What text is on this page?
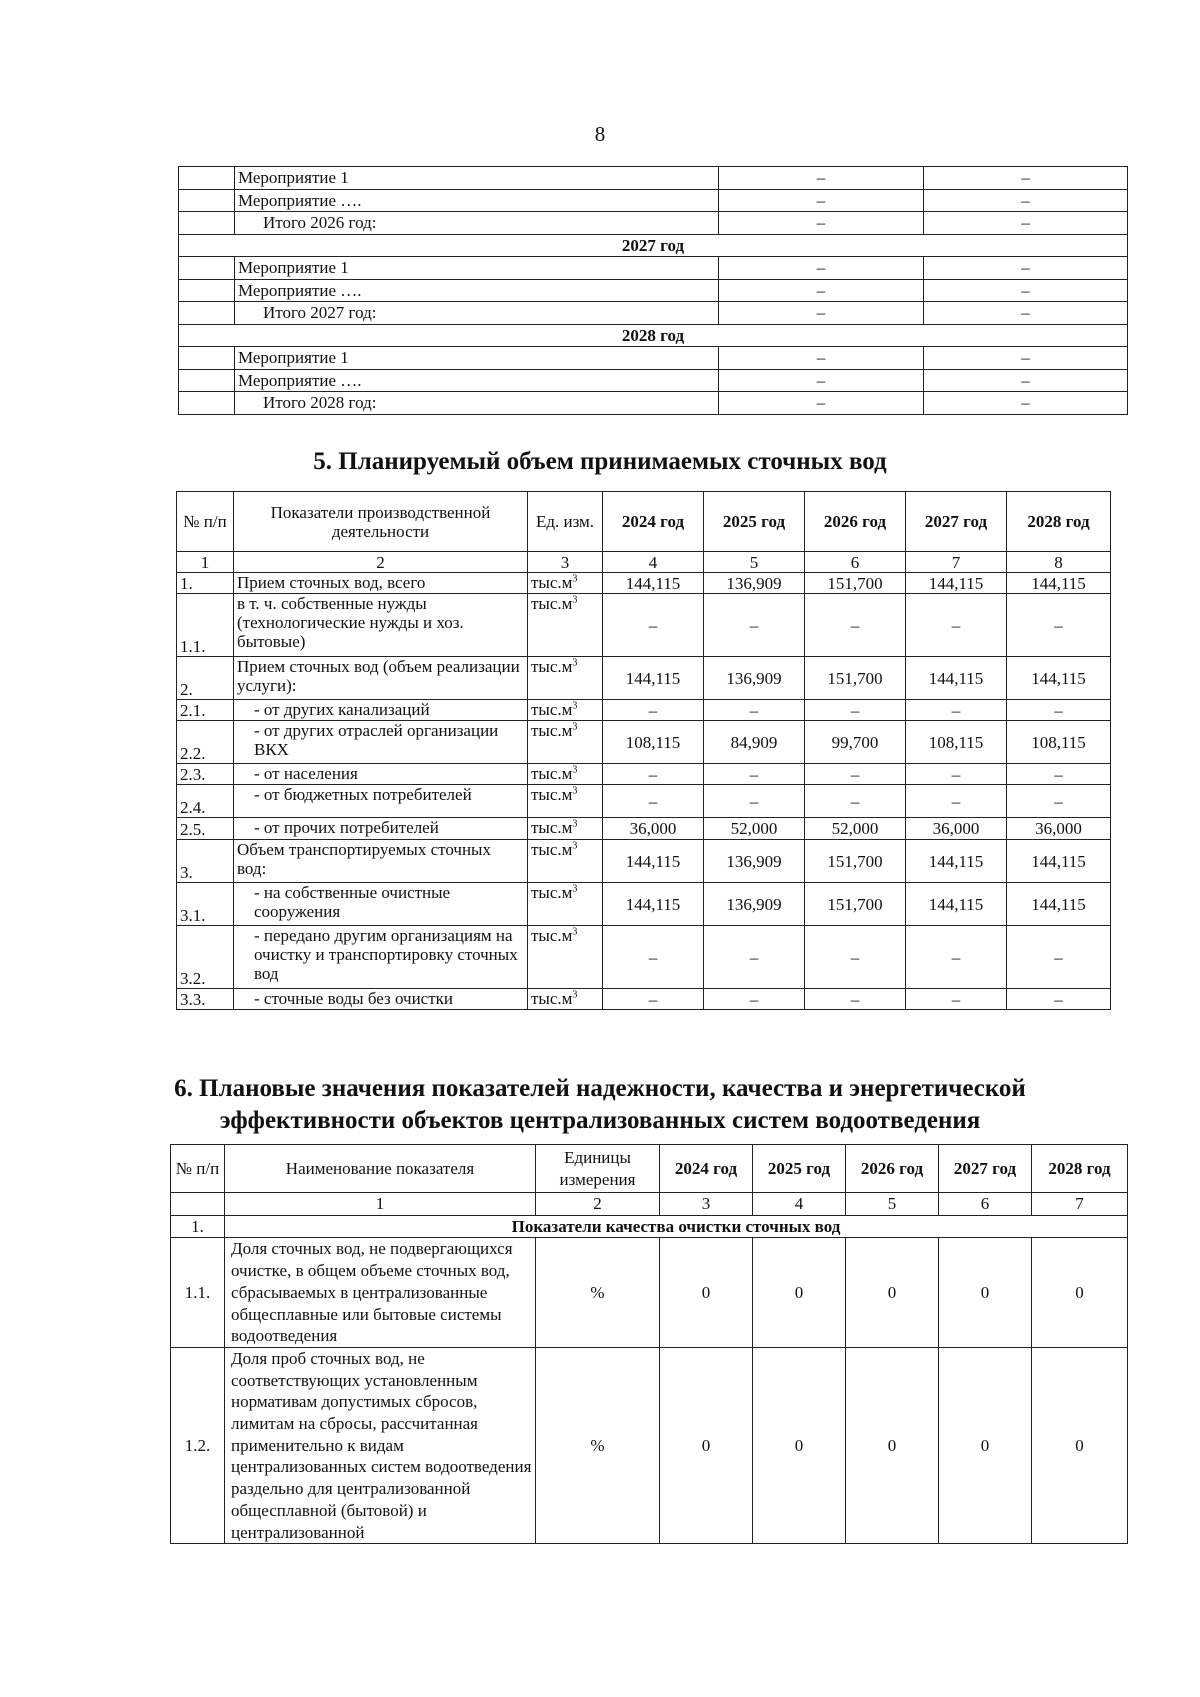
8
	Мероприятие 1	–	–
	Мероприятие ….	–	–
	Итого 2026 год:	–	–
2027 год			
	Мероприятие 1	–	–
	Мероприятие ….	–	–
	Итого 2027 год:	–	–
2028 год			
	Мероприятие 1	–	–
	Мероприятие ….	–	–
	Итого 2028 год:	–	–
5. Планируемый объем принимаемых сточных вод
№ п/п	Показатели производственной деятельности	Ед. изм.	2024 год	2025 год	2026 год	2027 год	2028 год
1	2	3	4	5	6	7	8
1.	Прием сточных вод, всего	$тыс.м^3$	144,115	136,909	151,700	144,115	144,115
1.1.	в т. ч. собственные нужды (технологические нужды и хоз. бытовые)	$тыс.м^3$	–	–	–	–	–
2.	Прием сточных вод (объем реализации услуги):	$тыс.м^3$	144,115	136,909	151,700	144,115	144,115
2.1.	- от других канализаций	$тыс.м^3$	–	–	–	–	–
2.2.	- от других отраслей организации ВКХ	$тыс.м^3$	108,115	84,909	99,700	108,115	108,115
2.3.	- от населения	$тыс.м^3$	–	–	–	–	–
2.4.	- от бюджетных потребителей	$тыс.м^3$	–	–	–	–	–
2.5.	- от прочих потребителей	$тыс.м^3$	36,000	52,000	52,000	36,000	36,000
3.	Объем транспортируемых сточных вод:	$тыс.м^3$	144,115	136,909	151,700	144,115	144,115
3.1.	- на собственные очистные сооружения	$тыс.м^3$	144,115	136,909	151,700	144,115	144,115
3.2.	- передано другим организациям на очистку и транспортировку сточных вод	$тыс.м^3$	–	–	–	–	–
3.3.	- сточные воды без очистки	$тыс.м^3$	–	–	–	–	–
6. Плановые значения показателей надежности, качества и энергетической эффективности объектов централизованных систем водоотведения
№ п/п	Наименование показателя	Единицы измерения	2024 год	2025 год	2026 год	2027 год	2028 год
	1	2	3	4	5	6	7
1.	Показатели качества очистки сточных вод						
1.1.	Доля сточных вод, не подвергающихся очистке, в общем объеме сточных вод, сбрасываемых в централизованные общесплавные или бытовые системы водоотведения	%	0	0	0	0	0
1.2.	Доля проб сточных вод, не соответствующих установленным нормативам допустимых сбросов, лимитам на сбросы, рассчитанная применительно к видам централизованных систем водоотведения раздельно для централизованной общесплавной (бытовой) и централизованной	%	0	0	0	0	0
